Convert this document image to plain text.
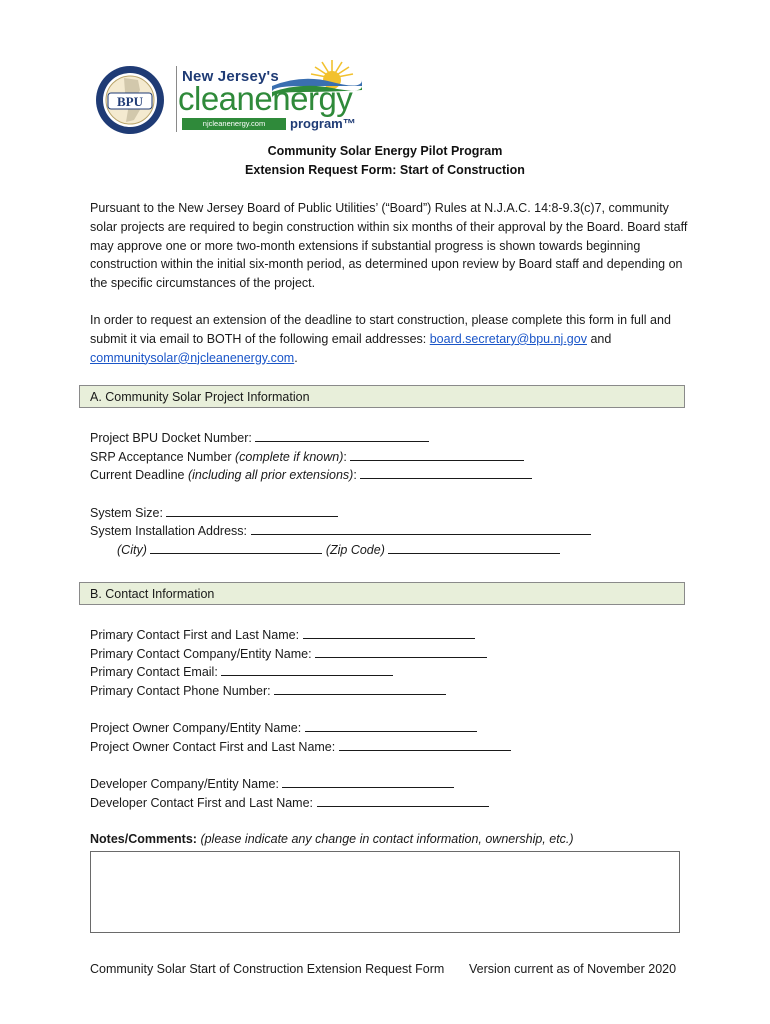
BPU
New Jersey's
cleanenergy
njcleanenergy.com	program™
Community Solar Energy Pilot Program
Extension Request Form: Start of Construction
Pursuant to the New Jersey Board of Public Utilities’ (“Board”) Rules at N.J.A.C. 14:8-9.3(c)7, community solar projects are required to begin construction within six months of their approval by the Board. Board staff may approve one or more two-month extensions if substantial progress is shown towards beginning construction within the initial six-month period, as determined upon review by Board staff and depending on the specific circumstances of the project.
In order to request an extension of the deadline to start construction, please complete this form in full and submit it via email to BOTH of the following email addresses: board.secretary@bpu.nj.gov and communitysolar@njcleanenergy.com.
A. Community Solar Project Information
Project BPU Docket Number:
SRP Acceptance Number (complete if known):
Current Deadline (including all prior extensions):
System Size:
System Installation Address:
(City)	(Zip Code)
B. Contact Information
Primary Contact First and Last Name:
Primary Contact Company/Entity Name:
Primary Contact Email:
Primary Contact Phone Number:
Project Owner Company/Entity Name:
Project Owner Contact First and Last Name:
Developer Company/Entity Name:
Developer Contact First and Last Name:
Notes/Comments: (please indicate any change in contact information, ownership, etc.)
Community Solar Start of Construction Extension Request Form Version current as of November 2020
